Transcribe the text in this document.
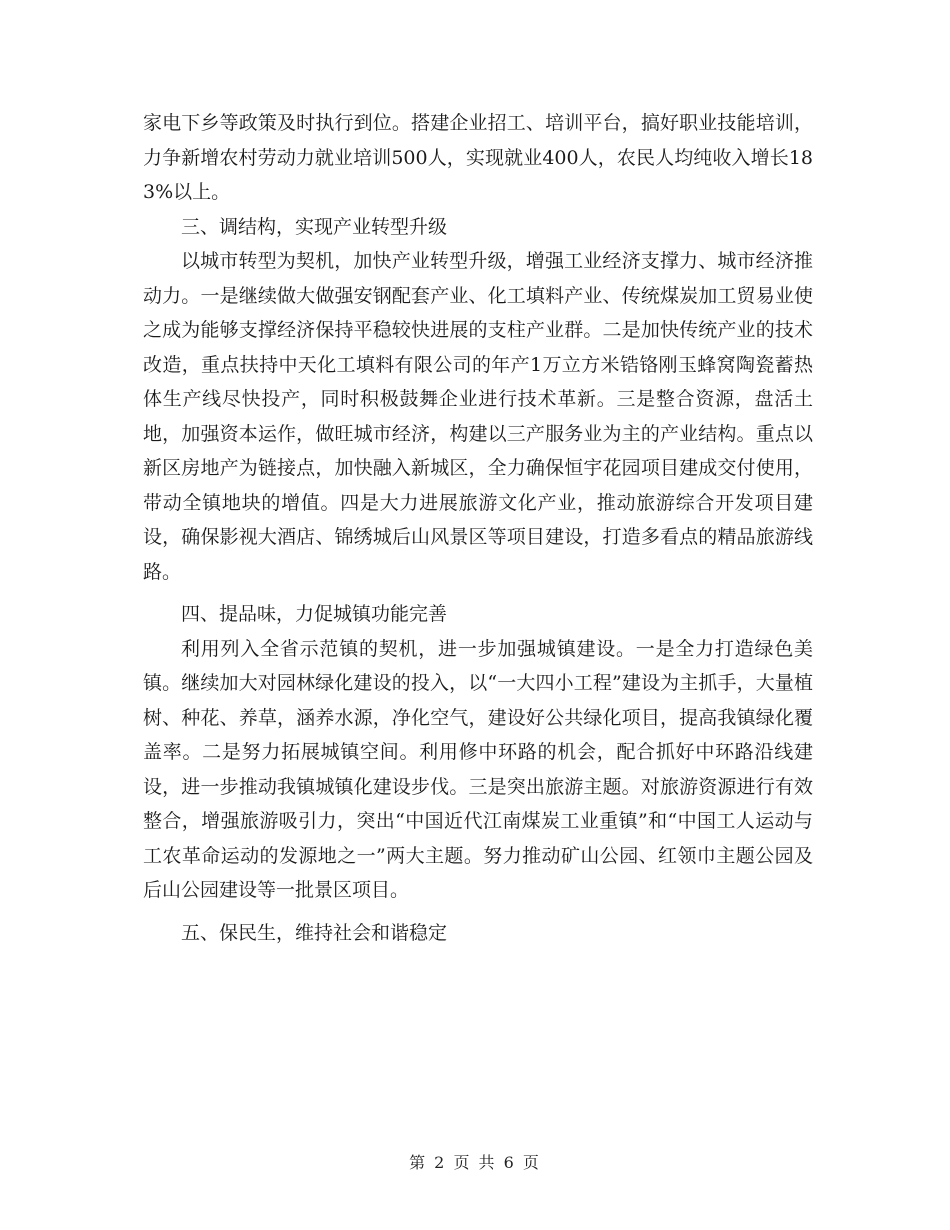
家电下乡等政策及时执行到位。搭建企业招工、培训平台，搞好职业技能培训，力争新增农村劳动力就业培训500人，实现就业400人，农民人均纯收入增长183%以上。

三、调结构，实现产业转型升级

以城市转型为契机，加快产业转型升级，增强工业经济支撑力、城市经济推动力。一是继续做大做强安钢配套产业、化工填料产业、传统煤炭加工贸易业使之成为能够支撑经济保持平稳较快进展的支柱产业群。二是加快传统产业的技术改造，重点扶持中天化工填料有限公司的年产1万立方米锆铬刚玉蜂窝陶瓷蓄热体生产线尽快投产，同时积极鼓舞企业进行技术革新。三是整合资源，盘活土地，加强资本运作，做旺城市经济，构建以三产服务业为主的产业结构。重点以新区房地产为链接点，加快融入新城区，全力确保恒宇花园项目建成交付使用，带动全镇地块的增值。四是大力进展旅游文化产业，推动旅游综合开发项目建设，确保影视大酒店、锦绣城后山风景区等项目建设，打造多看点的精品旅游线路。

四、提品味，力促城镇功能完善

利用列入全省示范镇的契机，进一步加强城镇建设。一是全力打造绿色美镇。继续加大对园林绿化建设的投入，以“一大四小工程”建设为主抓手，大量植树、种花、养草，涵养水源，净化空气，建设好公共绿化项目，提高我镇绿化覆盖率。二是努力拓展城镇空间。利用修中环路的机会，配合抓好中环路沿线建设，进一步推动我镇城镇化建设步伐。三是突出旅游主题。对旅游资源进行有效整合，增强旅游吸引力，突出“中国近代江南煤炭工业重镇”和“中国工人运动与工农革命运动的发源地之一”两大主题。努力推动矿山公园、红领巾主题公园及后山公园建设等一批景区项目。

五、保民生，维持社会和谐稳定

第 2 页 共 6 页
